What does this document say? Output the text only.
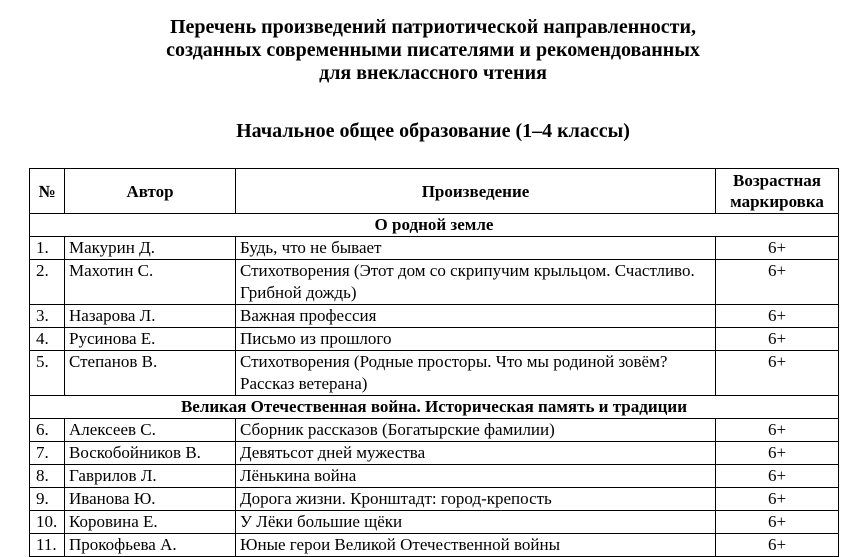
Перечень произведений патриотической направленности,
созданных современными писателями и рекомендованных
для внеклассного чтения
Начальное общее образование (1–4 классы)
№	Автор	Произведение	Возрастная
маркировка
О родной земле			
1.	Макурин Д.	Будь, что не бывает	6+
2.	Махотин С.	Стихотворения (Этот дом со скрипучим крыльцом. Счастливо. Грибной дождь)	6+
3.	Назарова Л.	Важная профессия	6+
4.	Русинова Е.	Письмо из прошлого	6+
5.	Степанов В.	Стихотворения (Родные просторы. Что мы родиной зовём? Рассказ ветерана)	6+
Великая Отечественная война. Историческая память и традиции			
6.	Алексеев С.	Сборник рассказов (Богатырские фамилии)	6+
7.	Воскобойников В.	Девятьсот дней мужества	6+
8.	Гаврилов Л.	Лёнькина война	6+
9.	Иванова Ю.	Дорога жизни. Кронштадт: город-крепость	6+
10.	Коровина Е.	У Лёки большие щёки	6+
11.	Прокофьева А.	Юные герои Великой Отечественной войны	6+
